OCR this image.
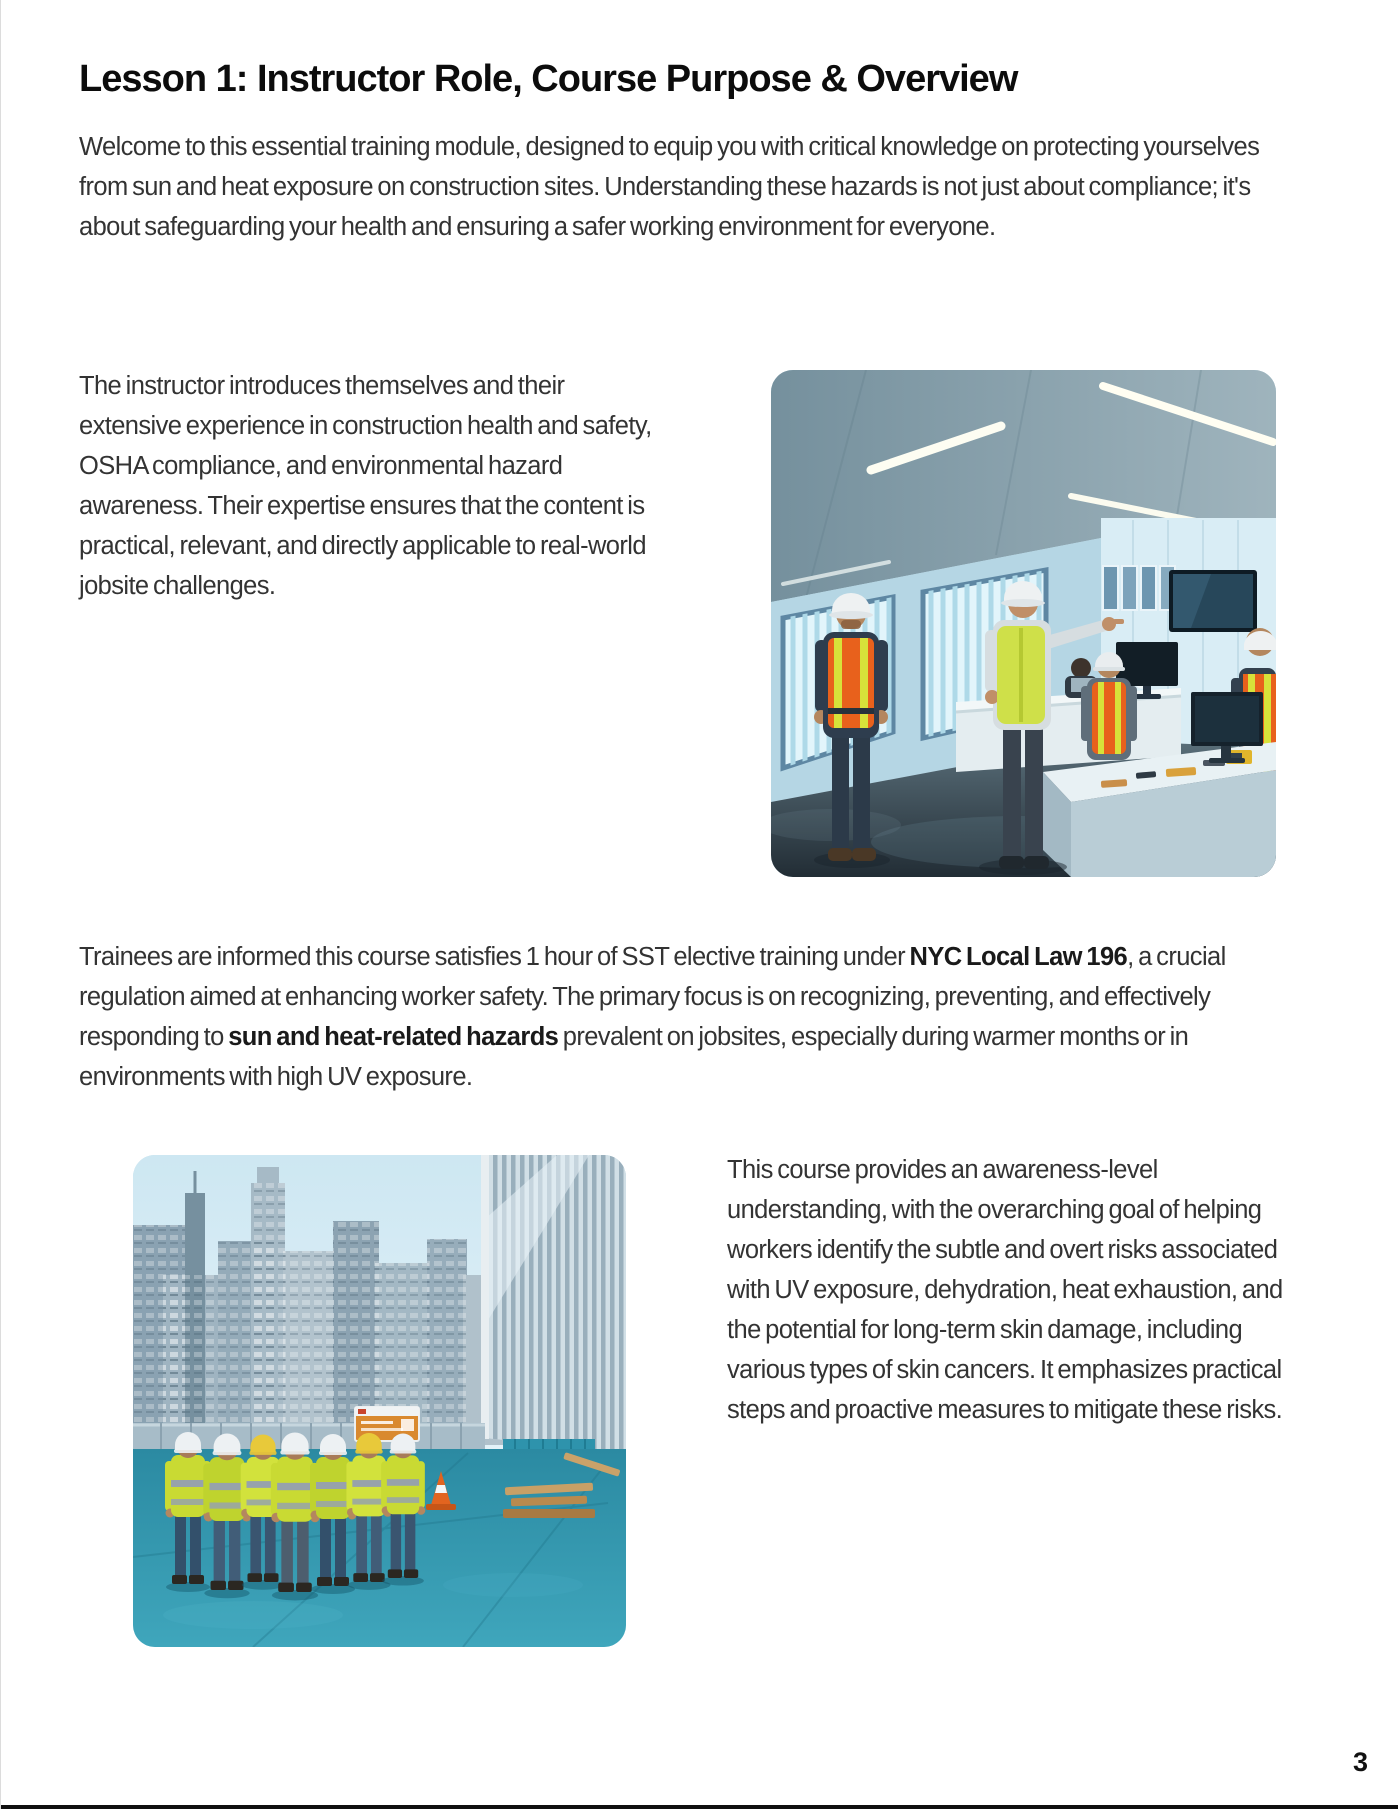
Lesson 1: Instructor Role, Course Purpose & Overview

Welcome to this essential training module, designed to equip you with critical knowledge on protecting yourselves from sun and heat exposure on construction sites. Understanding these hazards is not just about compliance; it's about safeguarding your health and ensuring a safer working environment for everyone.

The instructor introduces themselves and their extensive experience in construction health and safety, OSHA compliance, and environmental hazard awareness. Their expertise ensures that the content is practical, relevant, and directly applicable to real-world jobsite challenges.

Trainees are informed this course satisfies 1 hour of SST elective training under NYC Local Law 196, a crucial regulation aimed at enhancing worker safety. The primary focus is on recognizing, preventing, and effectively responding to sun and heat-related hazards prevalent on jobsites, especially during warmer months or in environments with high UV exposure.

This course provides an awareness-level understanding, with the overarching goal of helping workers identify the subtle and overt risks associated with UV exposure, dehydration, heat exhaustion, and the potential for long-term skin damage, including various types of skin cancers. It emphasizes practical steps and proactive measures to mitigate these risks.

3
